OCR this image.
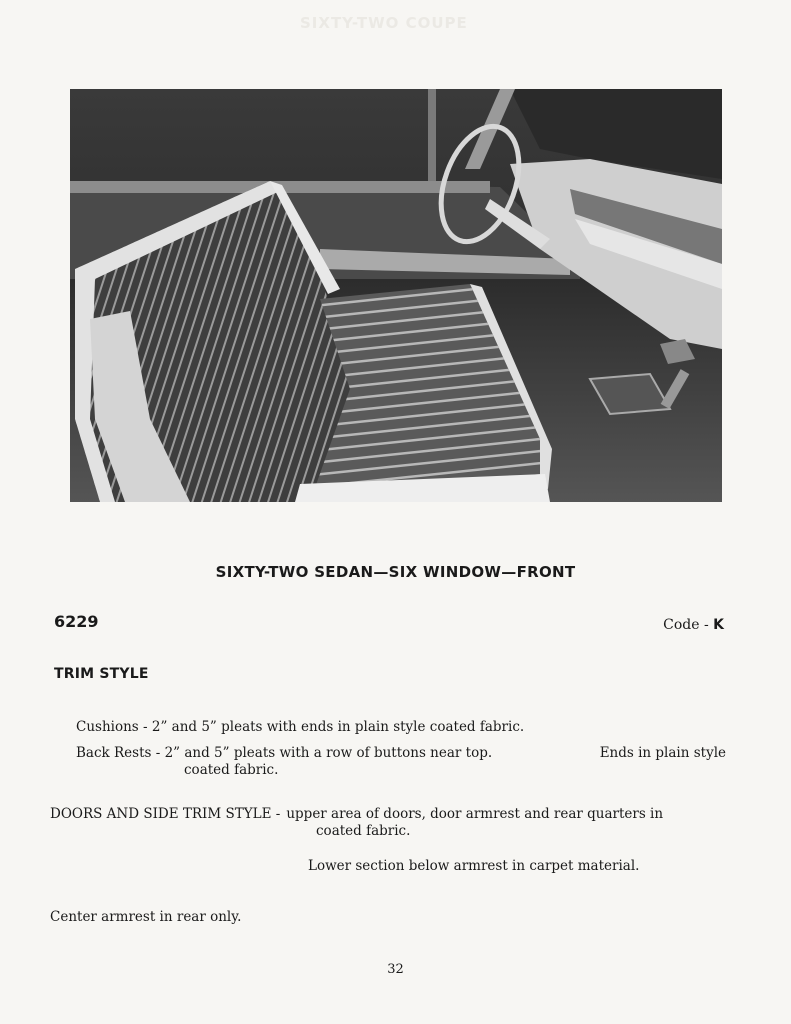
SIXTY-TWO COUPE
SIXTY-TWO SEDAN—SIX WINDOW—FRONT
6229	Code - K
TRIM STYLE
Cushions - 2” and 5” pleats with ends in plain style coated fabric.
Back Rests - 2” and 5” pleats with a row of buttons near top.	Ends in plain style
coated fabric.
DOORS AND SIDE TRIM STYLE - upper area of doors, door armrest and rear quarters in
coated fabric.
Lower section below armrest in carpet material.
Center armrest in rear only.
32
